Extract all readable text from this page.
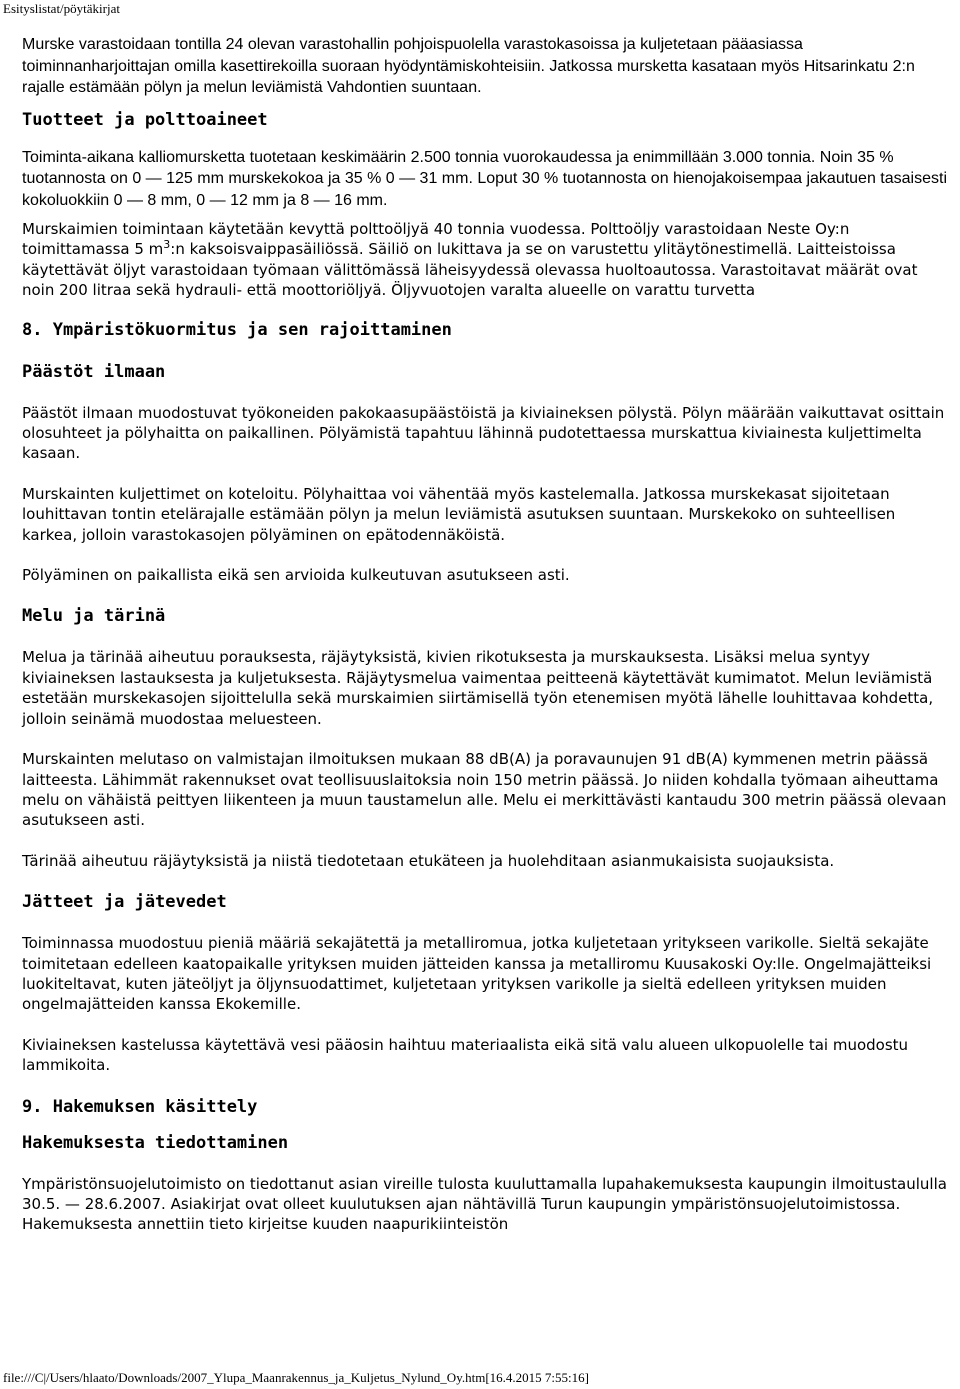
Esityslistat/pöytäkirjat

Murske varastoidaan tontilla 24 olevan varastohallin pohjoispuolella varastokasoissa ja kuljetetaan pääasiassa toiminnanharjoittajan omilla kasettirekoilla suoraan hyödyntämiskohteisiin. Jatkossa mursketta kasataan myös Hitsarinkatu 2:n rajalle estämään pölyn ja melun leviämistä Vahdontien suuntaan.

Tuotteet ja polttoaineet

Toiminta-aikana kalliomursketta tuotetaan keskimäärin 2.500 tonnia vuorokaudessa ja enimmillään 3.000 tonnia. Noin 35 % tuotannosta on 0 — 125 mm murskekokoa ja 35 % 0 — 31 mm. Loput 30 % tuotannosta on hienojakoisempaa jakautuen tasaisesti kokoluokkiin 0 — 8 mm, 0 — 12 mm ja 8 — 16 mm.

Murskaimien toimintaan käytetään kevyttä polttoöljyä 40 tonnia vuodessa. Polttoöljy varastoidaan Neste Oy:n toimittamassa 5 $m^3:n$ kaksoisvaippasäiliössä. Säiliö on lukittava ja se on varustettu ylitäytönestimellä. Laitteistoissa käytettävät öljyt varastoidaan työmaan välittömässä läheisyydessä olevassa huoltoautossa. Varastoitavat määrät ovat noin 200 litraa sekä hydrauli- että moottoriöljyä. Öljyvuotojen varalta alueelle on varattu turvetta

8. Ympäristökuormitus ja sen rajoittaminen
Päästöt ilmaan

Päästöt ilmaan muodostuvat työkoneiden pakokaasupäästöistä ja kiviaineksen pölystä. Pölyn määrään vaikuttavat osittain olosuhteet ja pölyhaitta on paikallinen. Pölyämistä tapahtuu lähinnä pudotettaessa murskattua kiviainesta kuljettimelta kasaan.

Murskainten kuljettimet on koteloitu. Pölyhaittaa voi vähentää myös kastelemalla. Jatkossa murskekasat sijoitetaan louhittavan tontin etelärajalle estämään pölyn ja melun leviämistä asutuksen suuntaan. Murskekoko on suhteellisen karkea, jolloin varastokasojen pölyäminen on epätodennäköistä.

Pölyäminen on paikallista eikä sen arvioida kulkeutuvan asutukseen asti.

Melu ja tärinä

Melua ja tärinää aiheutuu porauksesta, räjäytyksistä, kivien rikotuksesta ja murskauksesta. Lisäksi melua syntyy kiviaineksen lastauksesta ja kuljetuksesta. Räjäytysmelua vaimentaa peitteenä käytettävät kumimatot. Melun leviämistä estetään murskekasojen sijoittelulla sekä murskaimien siirtämisellä työn etenemisen myötä lähelle louhittavaa kohdetta, jolloin seinämä muodostaa meluesteen.

Murskainten melutaso on valmistajan ilmoituksen mukaan 88 dB(A) ja poravaunujen 91 dB(A) kymmenen metrin päässä laitteesta. Lähimmät rakennukset ovat teollisuuslaitoksia noin 150 metrin päässä. Jo niiden kohdalla työmaan aiheuttama melu on vähäistä peittyen liikenteen ja muun taustamelun alle. Melu ei merkittävästi kantaudu 300 metrin päässä olevaan asutukseen asti.

Tärinää aiheutuu räjäytyksistä ja niistä tiedotetaan etukäteen ja huolehditaan asianmukaisista suojauksista.

Jätteet ja jätevedet

Toiminnassa muodostuu pieniä määriä sekajätettä ja metalliromua, jotka kuljetetaan yritykseen varikolle. Sieltä sekajäte toimitetaan edelleen kaatopaikalle yrityksen muiden jätteiden kanssa ja metalliromu Kuusakoski Oy:lle. Ongelmajätteiksi luokiteltavat, kuten jäteöljyt ja öljynsuodattimet, kuljetetaan yrityksen varikolle ja sieltä edelleen yrityksen muiden ongelmajätteiden kanssa Ekokemille.

Kiviaineksen kastelussa käytettävä vesi pääosin haihtuu materiaalista eikä sitä valu alueen ulkopuolelle tai muodostu lammikoita.

9. Hakemuksen käsittely
Hakemuksesta tiedottaminen

Ympäristönsuojelutoimisto on tiedottanut asian vireille tulosta kuuluttamalla lupahakemuksesta kaupungin ilmoitustaululla 30.5. — 28.6.2007. Asiakirjat ovat olleet kuulutuksen ajan nähtävillä Turun kaupungin ympäristönsuojelutoimistossa. Hakemuksesta annettiin tieto kirjeitse kuuden naapurikiinteistön

file:///C|/Users/hlaato/Downloads/2007_Ylupa_Maanrakennus_ja_Kuljetus_Nylund_Oy.htm[16.4.2015 7:55:16]
